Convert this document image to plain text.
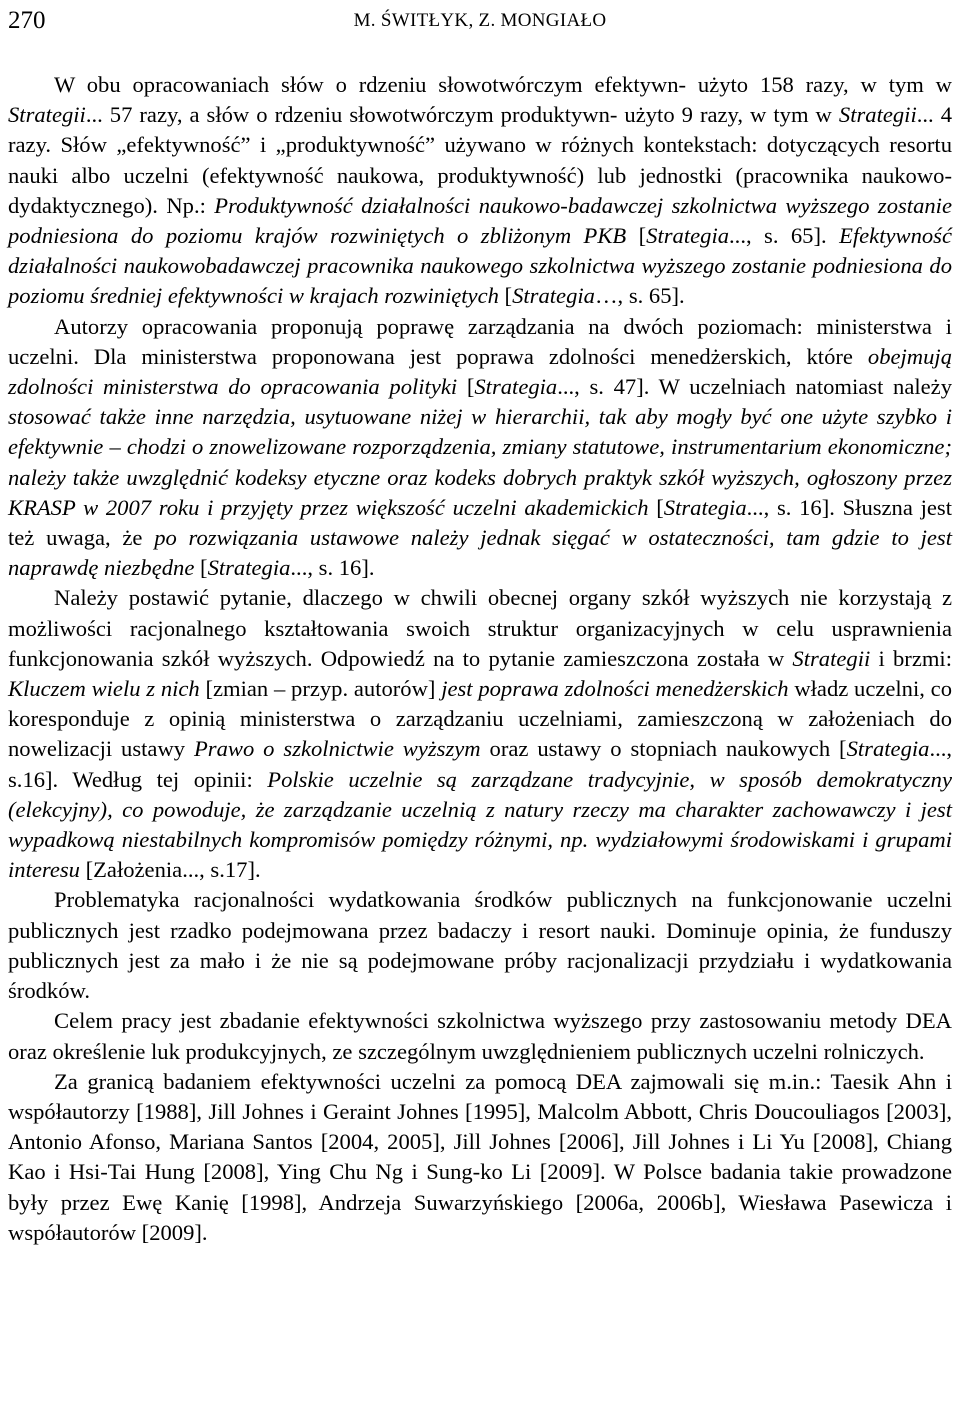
270	M. ŚWITŁYK, Z. MONGIAŁO

W obu opracowaniach słów o rdzeniu słowotwórczym efektywn- użyto 158 razy, w tym w Strategii... 57 razy, a słów o rdzeniu słowotwórczym produktywn- użyto 9 razy, w tym w Strategii... 4 razy. Słów „efektywność” i „produktywność” używano w różnych kontekstach: dotyczących resortu nauki albo uczelni (efektywność naukowa, produktywność) lub jednostki (pracownika naukowo-dydaktycznego). Np.: Produktywność działalności naukowo-badawczej szkolnictwa wyższego zostanie podniesiona do poziomu krajów rozwiniętych o zbliżonym PKB [Strategia..., s. 65]. Efektywność działalności naukowobadawczej pracownika naukowego szkolnictwa wyższego zostanie podniesiona do poziomu średniej efektywności w krajach rozwiniętych [Strategia…, s. 65].

Autorzy opracowania proponują poprawę zarządzania na dwóch poziomach: ministerstwa i uczelni. Dla ministerstwa proponowana jest poprawa zdolności menedżerskich, które obejmują zdolności ministerstwa do opracowania polityki [Strategia..., s. 47]. W uczelniach natomiast należy stosować także inne narzędzia, usytuowane niżej w hierarchii, tak aby mogły być one użyte szybko i efektywnie – chodzi o znowelizowane rozporządzenia, zmiany statutowe, instrumentarium ekonomiczne; należy także uwzględnić kodeksy etyczne oraz kodeks dobrych praktyk szkół wyższych, ogłoszony przez KRASP w 2007 roku i przyjęty przez większość uczelni akademickich [Strategia..., s. 16]. Słuszna jest też uwaga, że po rozwiązania ustawowe należy jednak sięgać w ostateczności, tam gdzie to jest naprawdę niezbędne [Strategia..., s. 16].

Należy postawić pytanie, dlaczego w chwili obecnej organy szkół wyższych nie korzystają z możliwości racjonalnego kształtowania swoich struktur organizacyjnych w celu usprawnienia funkcjonowania szkół wyższych. Odpowiedź na to pytanie zamieszczona została w Strategii i brzmi: Kluczem wielu z nich [zmian – przyp. autorów] jest poprawa zdolności menedżerskich władz uczelni, co koresponduje z opinią ministerstwa o zarządzaniu uczelniami, zamieszczoną w założeniach do nowelizacji ustawy Prawo o szkolnictwie wyższym oraz ustawy o stopniach naukowych [Strategia..., s.16]. Według tej opinii: Polskie uczelnie są zarządzane tradycyjnie, w sposób demokratyczny (elekcyjny), co powoduje, że zarządzanie uczelnią z natury rzeczy ma charakter zachowawczy i jest wypadkową niestabilnych kompromisów pomiędzy różnymi, np. wydziałowymi środowiskami i grupami interesu [Założenia..., s.17].

Problematyka racjonalności wydatkowania środków publicznych na funkcjonowanie uczelni publicznych jest rzadko podejmowana przez badaczy i resort nauki. Dominuje opinia, że funduszy publicznych jest za mało i że nie są podejmowane próby racjonalizacji przydziału i wydatkowania środków.

Celem pracy jest zbadanie efektywności szkolnictwa wyższego przy zastosowaniu metody DEA oraz określenie luk produkcyjnych, ze szczególnym uwzględnieniem publicznych uczelni rolniczych.

Za granicą badaniem efektywności uczelni za pomocą DEA zajmowali się m.in.: Taesik Ahn i współautorzy [1988], Jill Johnes i Geraint Johnes [1995], Malcolm Abbott, Chris Doucouliagos [2003], Antonio Afonso, Mariana Santos [2004, 2005], Jill Johnes [2006], Jill Johnes i Li Yu [2008], Chiang Kao i Hsi-Tai Hung [2008], Ying Chu Ng i Sung-ko Li [2009]. W Polsce badania takie prowadzone były przez Ewę Kanię [1998], Andrzeja Suwarzyńskiego [2006a, 2006b], Wiesława Pasewicza i współautorów [2009].
